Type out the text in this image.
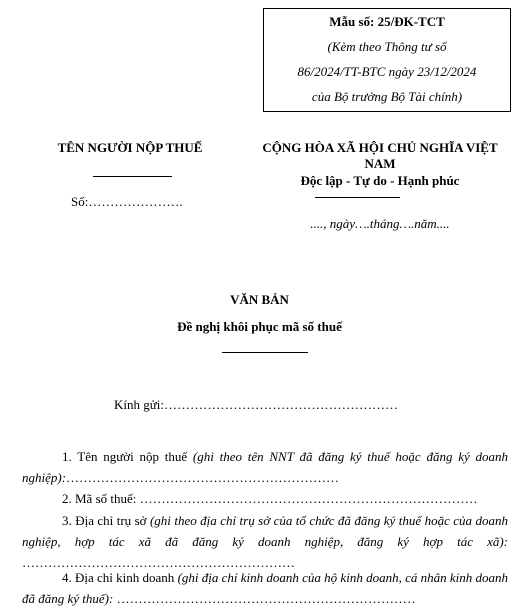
Mẫu số: 25/ĐK-TCT
(Kèm theo Thông tư số
86/2024/TT-BTC ngày 23/12/2024
của Bộ trưởng Bộ Tài chính)
TÊN NGƯỜI NỘP THUẾ
Số:………………….
CỘNG HÒA XÃ HỘI CHỦ NGHĨA VIỆT
NAM
Độc lập - Tự do - Hạnh phúc
...., ngày….tháng….năm....
VĂN BẢN
Đề nghị khôi phục mã số thuế
Kính gửi:………………………………………………
1. Tên người nộp thuế (ghi theo tên NNT đã đăng ký thuế hoặc đăng ký doanh nghiệp):………………………………………………………
2. Mã số thuế: ……………………………………………………………………
3. Địa chỉ trụ sở (ghi theo địa chỉ trụ sở của tổ chức đã đăng ký thuế hoặc của doanh nghiệp, hợp tác xã đã đăng ký doanh nghiệp, đăng ký hợp tác xã): ………………………………………………………
4. Địa chỉ kinh doanh (ghi địa chỉ kinh doanh của hộ kinh doanh, cá nhân kinh doanh đã đăng ký thuế): ……………………………………………………………
